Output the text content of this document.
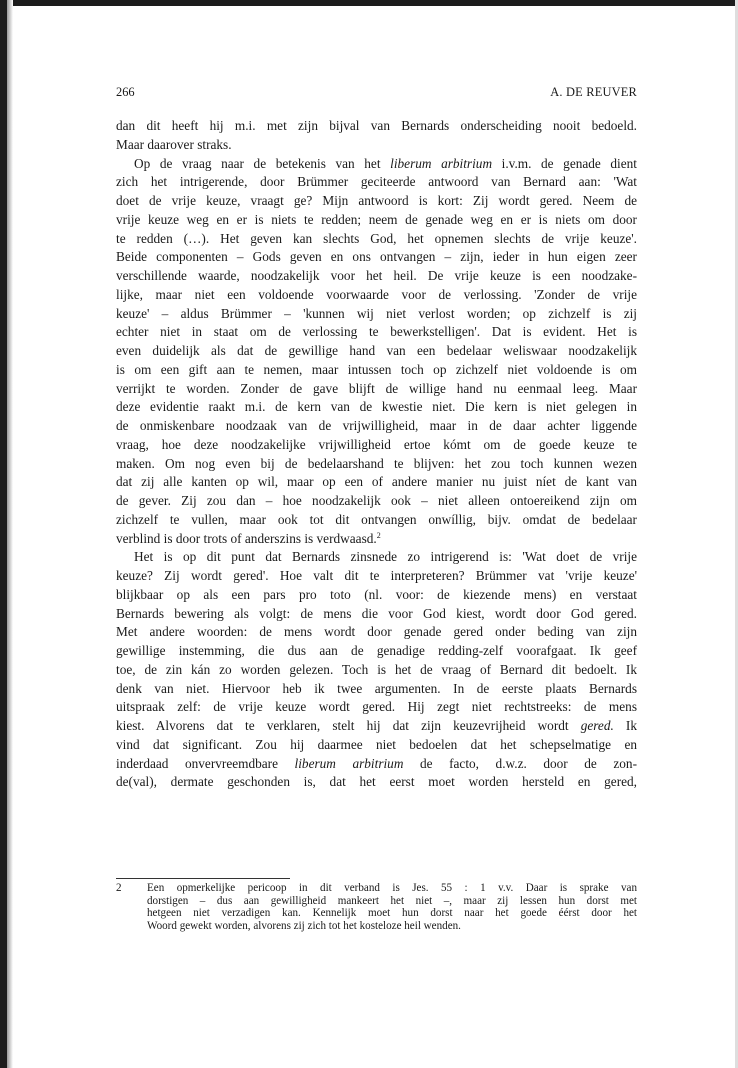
266	A. DE REUVER
dan dit heeft hij m.i. met zijn bijval van Bernards onderscheiding nooit bedoeld.
Maar daarover straks.
Op de vraag naar de betekenis van het liberum arbitrium i.v.m. de genade dient
zich het intrigerende, door Brümmer geciteerde antwoord van Bernard aan: 'Wat
doet de vrije keuze, vraagt ge? Mijn antwoord is kort: Zij wordt gered. Neem de
vrije keuze weg en er is niets te redden; neem de genade weg en er is niets om door
te redden (…). Het geven kan slechts God, het opnemen slechts de vrije keuze'.
Beide componenten – Gods geven en ons ontvangen – zijn, ieder in hun eigen zeer
verschillende waarde, noodzakelijk voor het heil. De vrije keuze is een noodzake-
lijke, maar niet een voldoende voorwaarde voor de verlossing. 'Zonder de vrije
keuze' – aldus Brümmer – 'kunnen wij niet verlost worden; op zichzelf is zij
echter niet in staat om de verlossing te bewerkstelligen'. Dat is evident. Het is
even duidelijk als dat de gewillige hand van een bedelaar weliswaar noodzakelijk
is om een gift aan te nemen, maar intussen toch op zichzelf niet voldoende is om
verrijkt te worden. Zonder de gave blijft de willige hand nu eenmaal leeg. Maar
deze evidentie raakt m.i. de kern van de kwestie niet. Die kern is niet gelegen in
de onmiskenbare noodzaak van de vrijwilligheid, maar in de daar achter liggende
vraag, hoe deze noodzakelijke vrijwilligheid ertoe kómt om de goede keuze te
maken. Om nog even bij de bedelaarshand te blijven: het zou toch kunnen wezen
dat zij alle kanten op wil, maar op een of andere manier nu juist níet de kant van
de gever. Zij zou dan – hoe noodzakelijk ook – niet alleen ontoereikend zijn om
zichzelf te vullen, maar ook tot dit ontvangen onwíllig, bijv. omdat de bedelaar
verblind is door trots of anderszins is verdwaasd.$^2$
Het is op dit punt dat Bernards zinsnede zo intrigerend is: 'Wat doet de vrije
keuze? Zij wordt gered'. Hoe valt dit te interpreteren? Brümmer vat 'vrije keuze'
blijkbaar op als een pars pro toto (nl. voor: de kiezende mens) en verstaat
Bernards bewering als volgt: de mens die voor God kiest, wordt door God gered.
Met andere woorden: de mens wordt door genade gered onder beding van zijn
gewillige instemming, die dus aan de genadige redding-zelf voorafgaat. Ik geef
toe, de zin kán zo worden gelezen. Toch is het de vraag of Bernard dit bedoelt. Ik
denk van niet. Hiervoor heb ik twee argumenten. In de eerste plaats Bernards
uitspraak zelf: de vrije keuze wordt gered. Hij zegt niet rechtstreeks: de mens
kiest. Alvorens dat te verklaren, stelt hij dat zijn keuzevrijheid wordt gered. Ik
vind dat significant. Zou hij daarmee niet bedoelen dat het schepselmatige en
inderdaad onvervreemdbare liberum arbitrium de facto, d.w.z. door de zon-
de(val), dermate geschonden is, dat het eerst moet worden hersteld en gered,
2 Een opmerkelijke pericoop in dit verband is Jes. 55 : 1 v.v. Daar is sprake van
dorstigen – dus aan gewilligheid mankeert het niet –, maar zij lessen hun dorst met
hetgeen niet verzadigen kan. Kennelijk moet hun dorst naar het goede éérst door het
Woord gewekt worden, alvorens zij zich tot het kosteloze heil wenden.
